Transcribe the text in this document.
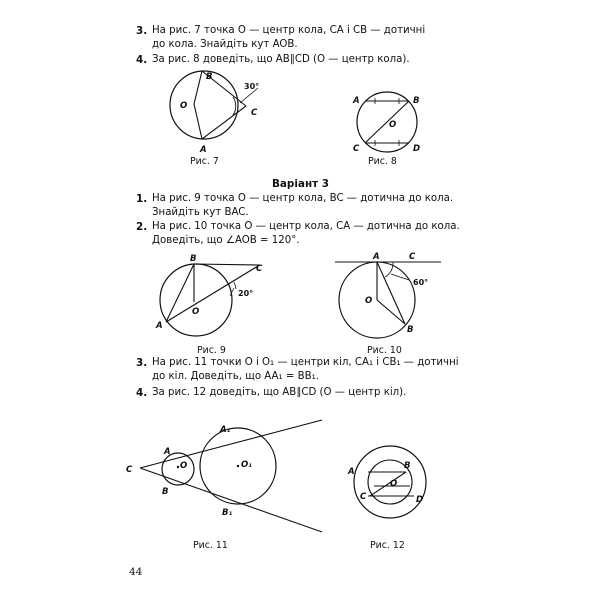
3. На рис. 7 точка O — центр кола, CA і CB — дотичні
до кола. Знайдіть кут AOB.
4. За рис. 8 доведіть, що AB∥CD (O — центр кола).
B
O
A
C
30°
Рис. 7
A	B
O
C	D
Рис. 8
Варіант 3
1. На рис. 9 точка O — центр кола, BC — дотична до кола.
Знайдіть кут BAC.
2. На рис. 10 точка O — центр кола, CA — дотична до кола.
Доведіть, що ∠AOB = 120°.
B
C
O
A
20°
Рис. 9
A	C
O
B
60°
Рис. 10
3. На рис. 11 точки O і O₁ — центри кіл, CA₁ і CB₁ — дотичні
до кіл. Доведіть, що AA₁ = BB₁.
4. За рис. 12 доведіть, що AB∥CD (O — центр кіл).
A₁
A
C	O	O₁
B
B₁
Рис. 11
A
B
O
C	D
Рис. 12
44
